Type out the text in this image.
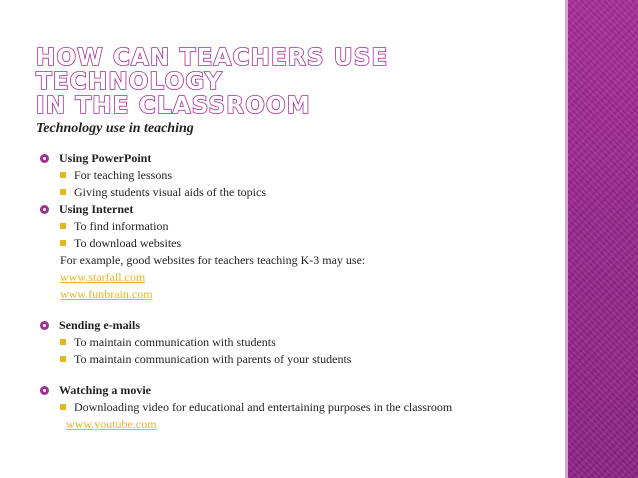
HOW CAN TEACHERS USE TECHNOLOGY
IN THE CLASSROOM
Technology use in teaching
Using PowerPoint
For teaching lessons
Giving students visual aids of the topics
Using Internet
To find information
To download websites
For example, good websites for teachers teaching K-3 may use:
www.starfall.com
www.funbrain.com
Sending e-mails
To maintain communication with students
To maintain communication with parents of your students
Watching a movie
Downloading video for educational and entertaining purposes in the classroom
www.youtube.com
